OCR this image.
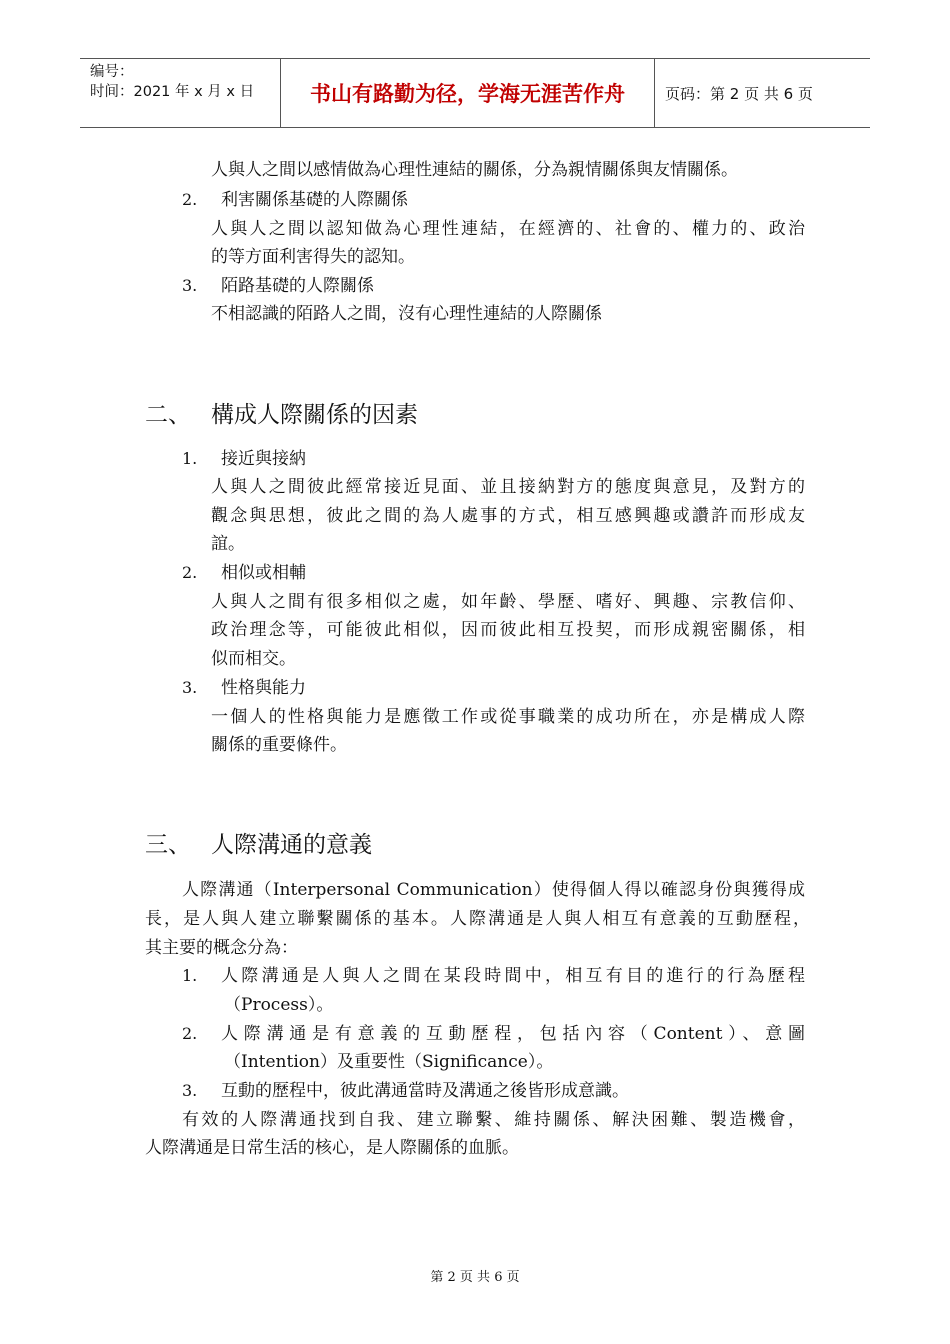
编号：
时间：2021 年 x 月 x 日	书山有路勤为径，学海无涯苦作舟	页码：第 2 页 共 6 页
人與人之間以感情做為心理性連結的關係，分為親情關係與友情關係。
2. 利害關係基礎的人際關係
人與人之間以認知做為心理性連結，在經濟的、社會的、權力的、政治
的等方面利害得失的認知。
3. 陌路基礎的人際關係
不相認識的陌路人之間，沒有心理性連結的人際關係
二、 構成人際關係的因素
1. 接近與接納
人與人之間彼此經常接近見面、並且接納對方的態度與意見，及對方的
觀念與思想，彼此之間的為人處事的方式，相互感興趣或讚許而形成友
誼。
2. 相似或相輔
人與人之間有很多相似之處，如年齡、學歷、嗜好、興趣、宗教信仰、
政治理念等，可能彼此相似，因而彼此相互投契，而形成親密關係，相
似而相交。
3. 性格與能力
一個人的性格與能力是應徵工作或從事職業的成功所在，亦是構成人際
關係的重要條件。
三、 人際溝通的意義
人際溝通（Interpersonal Communication）使得個人得以確認身份與獲得成
長，是人與人建立聯繫關係的基本。人際溝通是人與人相互有意義的互動歷程，
其主要的概念分為：
1. 人際溝通是人與人之間在某段時間中，相互有目的進行的行為歷程
（Process）。
2. 人際溝通是有意義的互動歷程，包括內容（Content）、意圖
（Intention）及重要性（Significance）。
3. 互動的歷程中，彼此溝通當時及溝通之後皆形成意識。
有效的人際溝通找到自我、建立聯繫、維持關係、解決困難、製造機會，
人際溝通是日常生活的核心，是人際關係的血脈。
第 2 页 共 6 页
